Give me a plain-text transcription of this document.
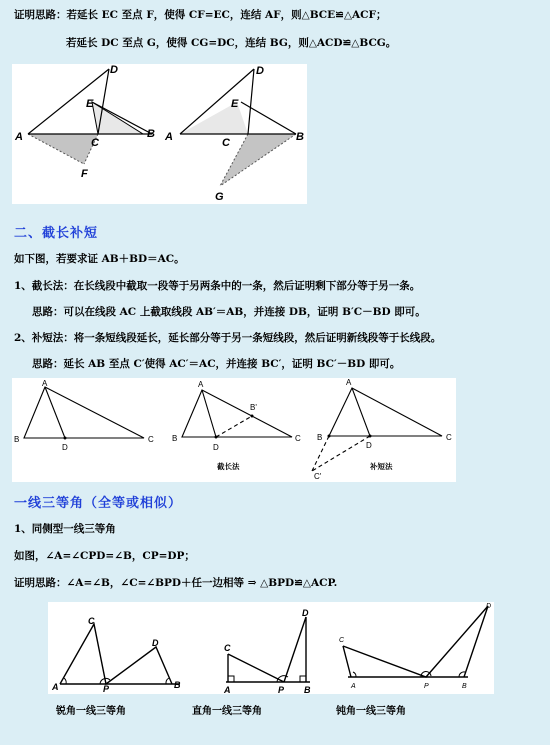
证明思路：若延长 EC 至点 F，使得 CF=EC，连结 AF，则△BCE≌△ACF；
若延长 DC 至点 G，使得 CG=DC，连结 BG，则△ACD≌△BCG。
D
E
A	C
B
F
D
E
A	C	B
G
二、截长补短
如下图，若要求证 AB＋BD＝AC。
1、截长法：在长线段中截取一段等于另两条中的一条，然后证明剩下部分等于另一条。
思路：可以在线段 AC 上截取线段 AB′＝AB，并连接 DB，证明 B′C－BD 即可。
2、补短法：将一条短线段延长，延长部分等于另一条短线段，然后证明新线段等于长线段。
思路：延长 AB 至点 C′使得 AC′＝AC，并连接 BC′，证明 BC′－BD 即可。
A
B
D
C
A
B'
B
D
C
截长法
A
B
D
C
C'
补短法
一线三等角（全等或相似）
1、同侧型一线三等角
如图，∠A=∠CPD=∠B，CP=DP；
证明思路：∠A=∠B，∠C=∠BPD＋任一边相等 ⇒ △BPD≌△ACP.
C
D
A	P	B
C
D
A	P B
C
D
A	P	B
锐角一线三等角	直角一线三等角	钝角一线三等角
